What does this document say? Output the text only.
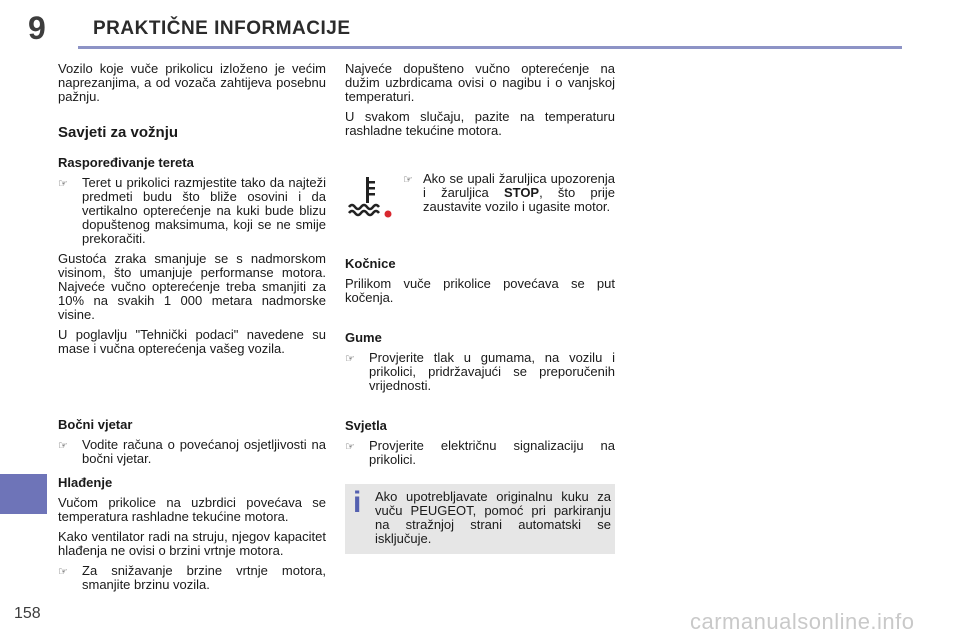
9 PRAKTIČNE INFORMACIJE
158

Vozilo koje vuče prikolicu izloženo je većim naprezanjima, a od vozača zahtijeva posebnu pažnju.

Savjeti za vožnju
Raspoređivanje tereta
☞	Teret u prikolici razmjestite tako da najteži predmeti budu što bliže osovini i da vertikalno opterećenje na kuki bude blizu dopuštenog maksimuma, koji se ne smije prekoračiti.

Gustoća zraka smanjuje se s nadmorskom visinom, što umanjuje performanse motora. Najveće vučno opterećenje treba smanjiti za 10% na svakih 1 000 metara nadmorske visine.

U poglavlju "Tehnički podaci" navedene su mase i vučna opterećenja vašeg vozila.

Bočni vjetar
☞	Vodite računa o povećanoj osjetljivosti na bočni vjetar.
Hlađenje

Vučom prikolice na uzbrdici povećava se temperatura rashladne tekućine motora.

Kako ventilator radi na struju, njegov kapacitet hlađenja ne ovisi o brzini vrtnje motora.

☞	Za snižavanje brzine vrtnje motora, smanjite brzinu vozila.

Najveće dopušteno vučno opterećenje na dužim uzbrdicama ovisi o nagibu i o vanjskoj temperaturi.

U svakom slučaju, pazite na temperaturu rashladne tekućine motora.

☞ Ako se upali žaruljica upozorenja i žaruljica STOP, što prije zaustavite vozilo i ugasite motor.
Kočnice

Prilikom vuče prikolice povećava se put kočenja.

Gume
☞	Provjerite tlak u gumama, na vozilu i prikolici, pridržavajući se preporučenih vrijednosti.
Svjetla
☞	Provjerite električnu signalizaciju na prikolici.
i Ako upotrebljavate originalnu kuku za vuču PEUGEOT, pomoć pri parkiranju na stražnjoj strani automatski se isključuje.
carmanualsonline.info
